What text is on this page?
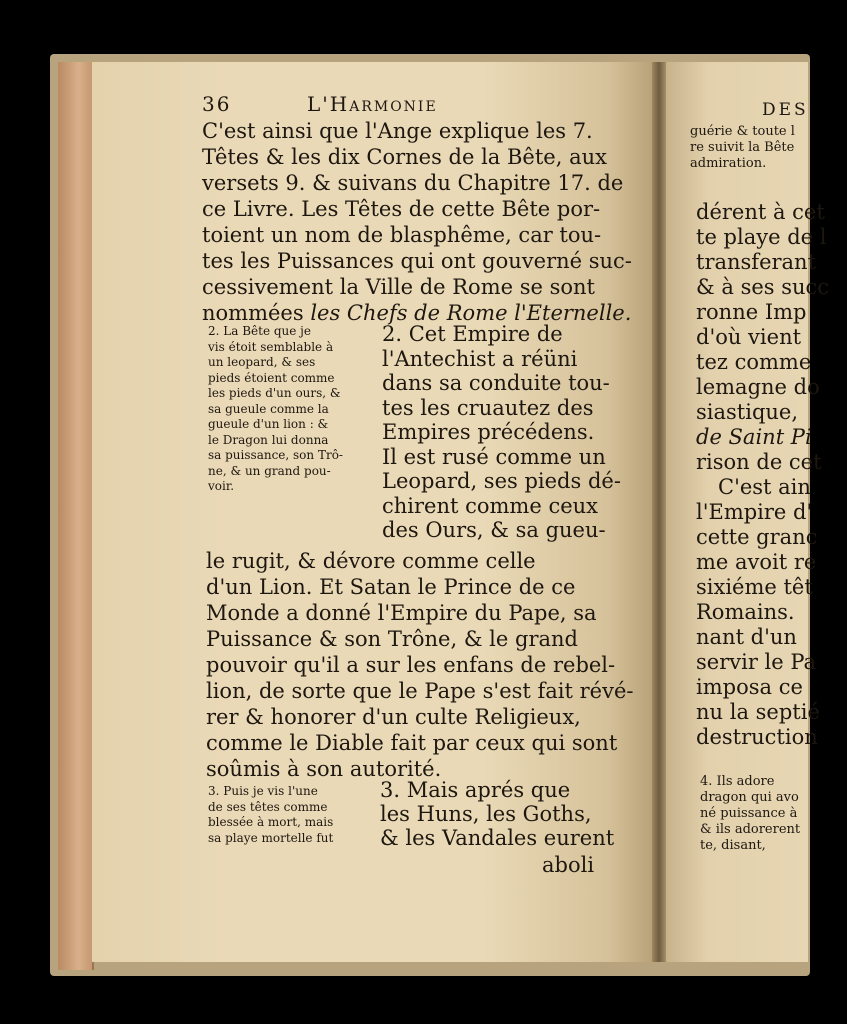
36	L'Harmonie
C'est ainsi que l'Ange explique les 7.
Têtes & les dix Cornes de la Bête, aux
versets 9. & suivans du Chapitre 17. de
ce Livre. Les Têtes de cette Bête por-
toient un nom de blasphême, car tou-
tes les Puissances qui ont gouverné suc-
cessivement la Ville de Rome se sont
nommées les Chefs de Rome l'Eternelle.
2. La Bête que je
vis étoit semblable à
un leopard, & ses
pieds étoient comme
les pieds d'un ours, &
sa gueule comme la
gueule d'un lion : &
le Dragon lui donna
sa puissance, son Trô-
ne, & un grand pou-
voir.
2. Cet Empire de
l'Antechist a réüni
dans sa conduite tou-
tes les cruautez des
Empires précédens.
Il est rusé comme un
Leopard, ses pieds dé-
chirent comme ceux
des Ours, & sa gueu-
le rugit, & dévore comme celle
d'un Lion. Et Satan le Prince de ce
Monde a donné l'Empire du Pape, sa
Puissance & son Trône, & le grand
pouvoir qu'il a sur les enfans de rebel-
lion, de sorte que le Pape s'est fait révé-
rer & honorer d'un culte Religieux,
comme le Diable fait par ceux qui sont
soûmis à son autorité.
3. Puis je vis l'une
de ses têtes comme
blessée à mort, mais
sa playe mortelle fut
3. Mais aprés que
les Huns, les Goths,
& les Vandales eurent
aboli
DES
guérie & toute l
re suivit la Bête
admiration.
dérent à cet
te playe de l
transferant
& à ses succ
ronne Imp
d'où vient
tez comme
lemagne do
siastique,
de Saint Pi
rison de cet
C'est ain
l'Empire d'
cette granc
me avoit re
sixiéme têt
Romains.
nant d'un
servir le Pa
imposa ce
nu la septié
destruction
4. Ils adore
dragon qui avo
né puissance à
& ils adorerent
te, disant,
